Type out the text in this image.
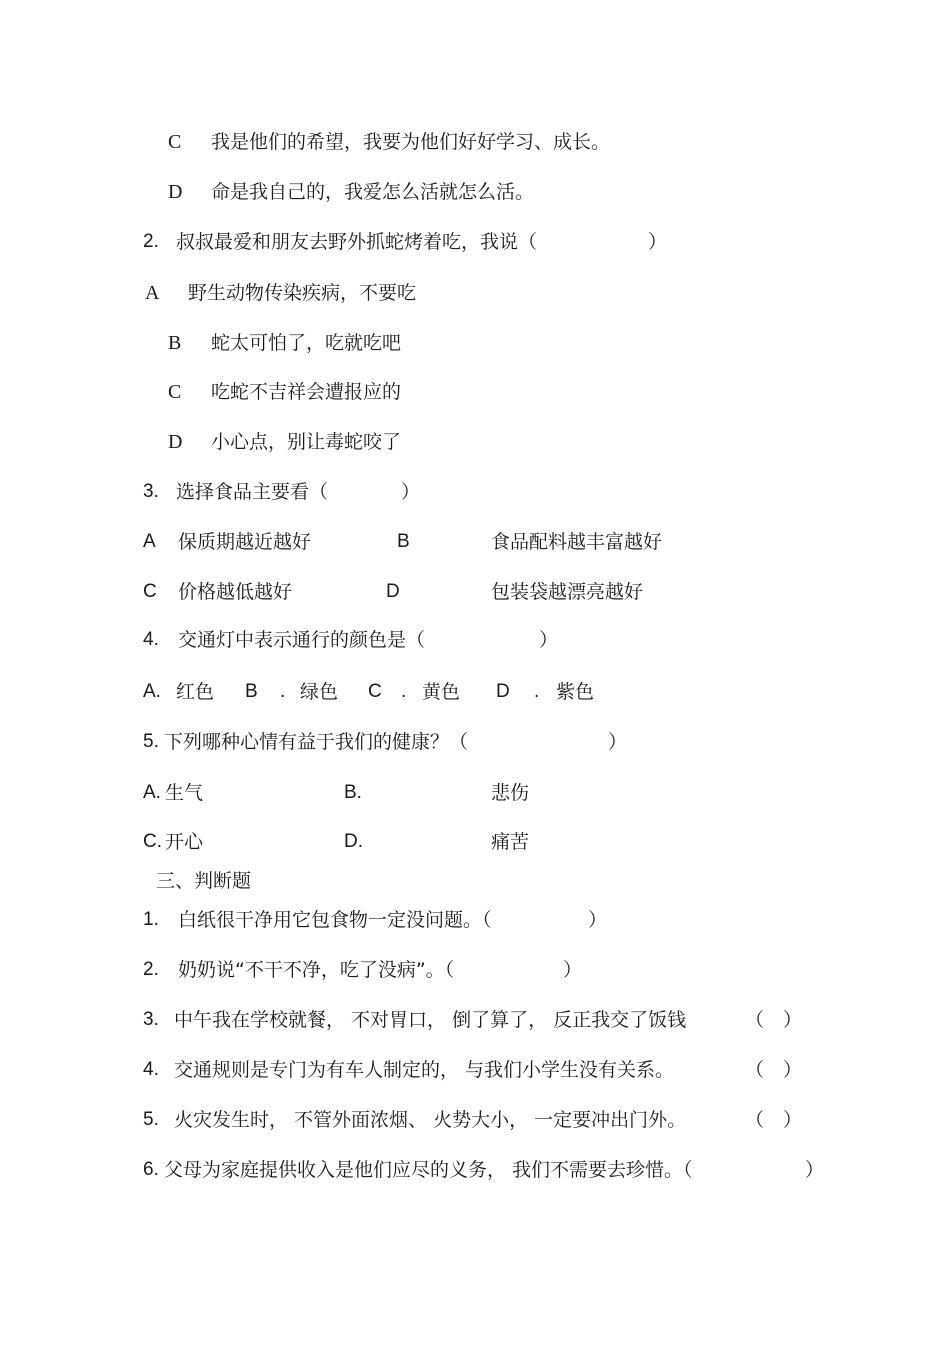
C 我是他们的希望，我要为他们好好学习、成长。
D 命是我自己的，我爱怎么活就怎么活。
2. 叔叔最爱和朋友去野外抓蛇烤着吃，我说（	）
A 野生动物传染疾病，不要吃
B 蛇太可怕了，吃就吃吧
C 吃蛇不吉祥会遭报应的
D 小心点，别让毒蛇咬了
3. 选择食品主要看（	）
A 保质期越近越好	B	食品配料越丰富越好
C 价格越低越好	D	包装袋越漂亮越好
4. 交通灯中表示通行的颜色是（	）
A. 红色 B . 绿色 C . 黄色 D . 紫色
5. 下列哪种心情有益于我们的健康？（	）
A. 生气	B.	悲伤
C. 开心	D.	痛苦
三、判断题
1. 白纸很干净用它包食物一定没问题。（	）
2. 奶奶说“不干不净，吃了没病”。（	）
3. 中午我在学校就餐， 不对胃口， 倒了算了， 反正我交了饭钱	（ ）
4. 交通规则是专门为有车人制定的， 与我们小学生没有关系。	（ ）
5. 火灾发生时， 不管外面浓烟、 火势大小， 一定要冲出门外。	（ ）
6. 父母为家庭提供收入是他们应尽的义务， 我们不需要去珍惜。（	）
